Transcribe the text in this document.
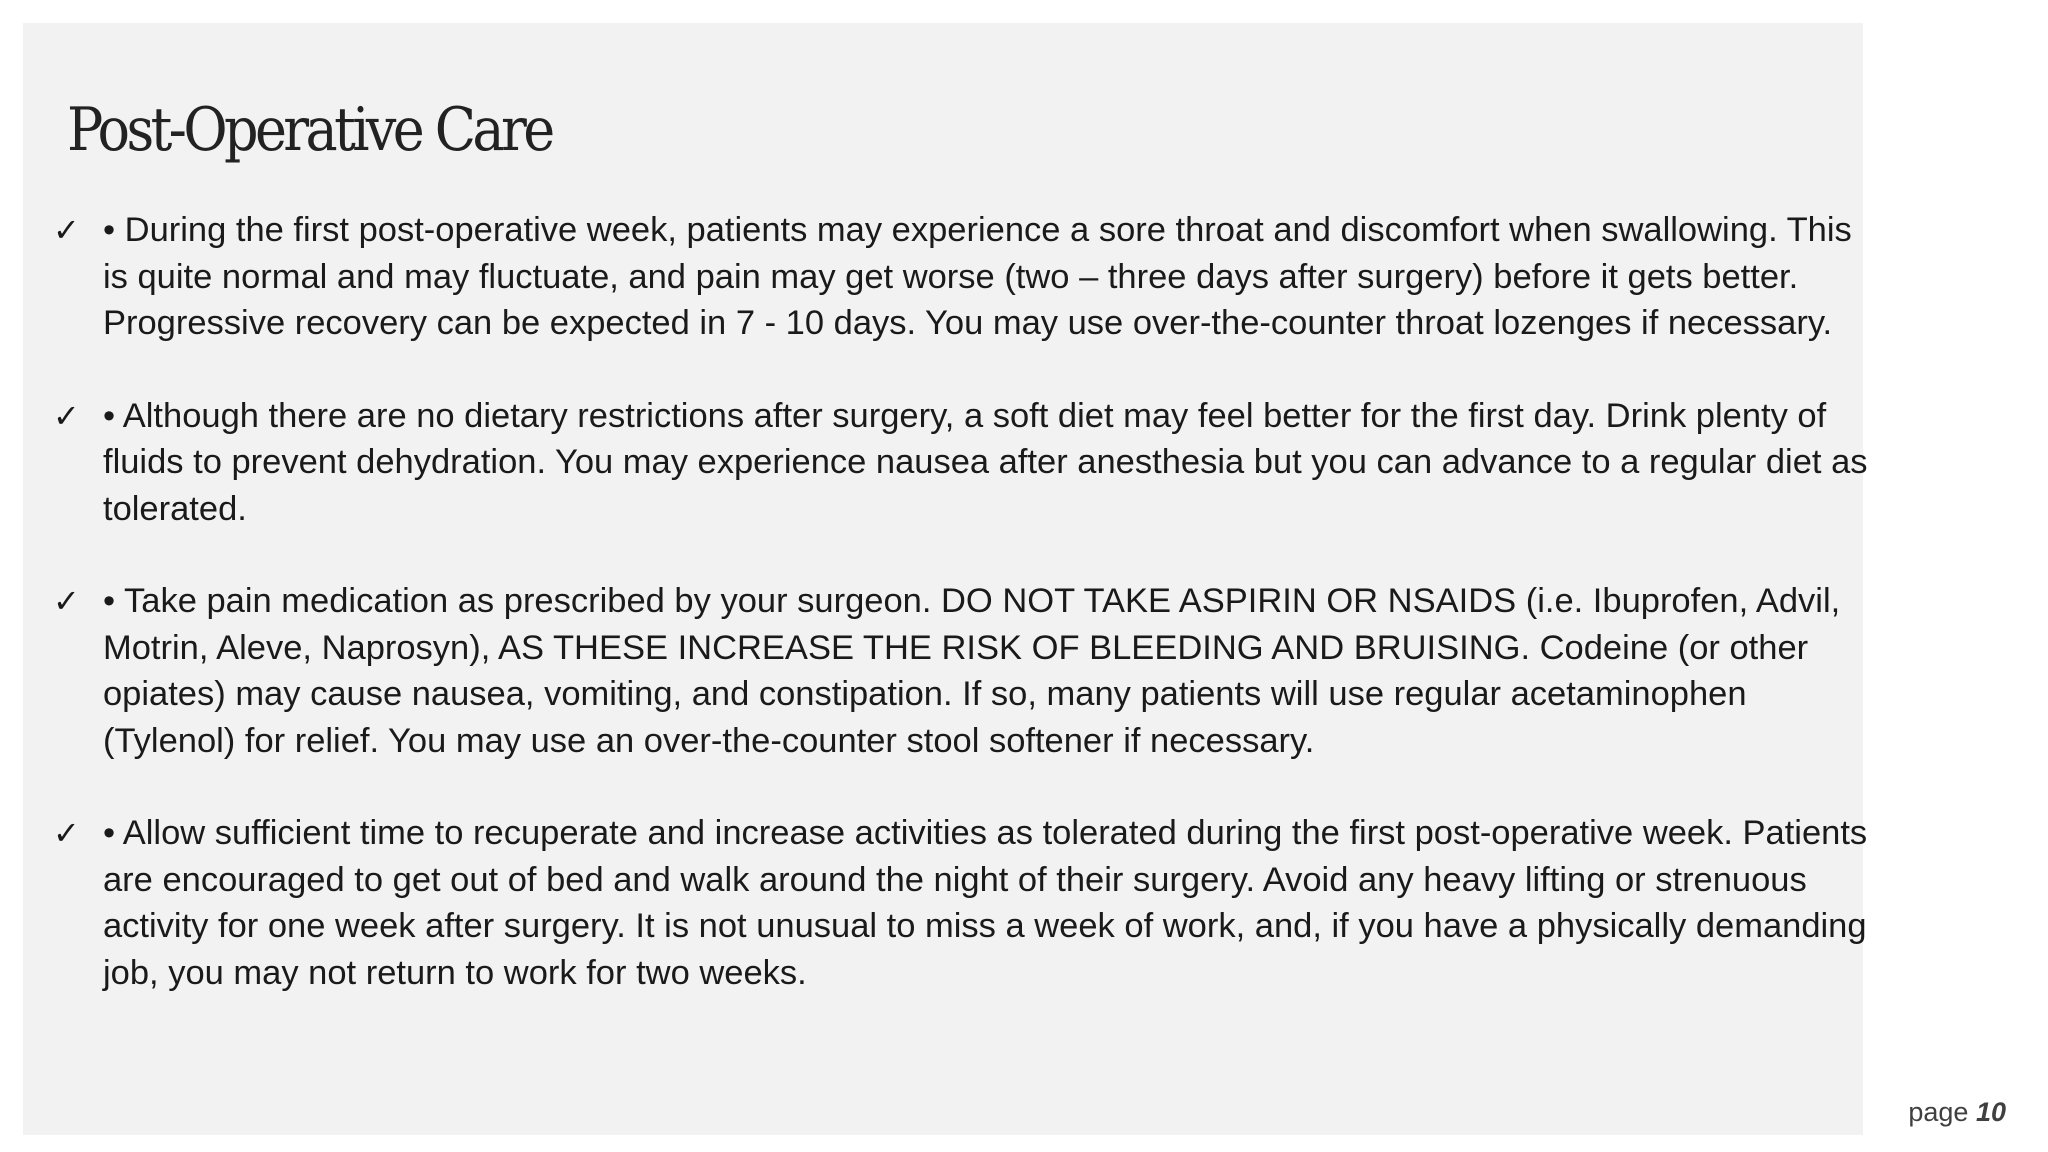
Post-Operative Care
✓ • During the first post-operative week, patients may experience a sore throat and discomfort when swallowing. This is quite normal and may fluctuate, and pain may get worse (two – three days after surgery) before it gets better. Progressive recovery can be expected in 7 - 10 days. You may use over-the-counter throat lozenges if necessary.
✓ • Although there are no dietary restrictions after surgery, a soft diet may feel better for the first day. Drink plenty of fluids to prevent dehydration. You may experience nausea after anesthesia but you can advance to a regular diet as tolerated.
✓ • Take pain medication as prescribed by your surgeon. DO NOT TAKE ASPIRIN OR NSAIDS (i.e. Ibuprofen, Advil, Motrin, Aleve, Naprosyn), AS THESE INCREASE THE RISK OF BLEEDING AND BRUISING. Codeine (or other opiates) may cause nausea, vomiting, and constipation. If so, many patients will use regular acetaminophen (Tylenol) for relief. You may use an over-the-counter stool softener if necessary.
✓ • Allow sufficient time to recuperate and increase activities as tolerated during the first post-operative week. Patients are encouraged to get out of bed and walk around the night of their surgery. Avoid any heavy lifting or strenuous activity for one week after surgery. It is not unusual to miss a week of work, and, if you have a physically demanding job, you may not return to work for two weeks.
page 10
